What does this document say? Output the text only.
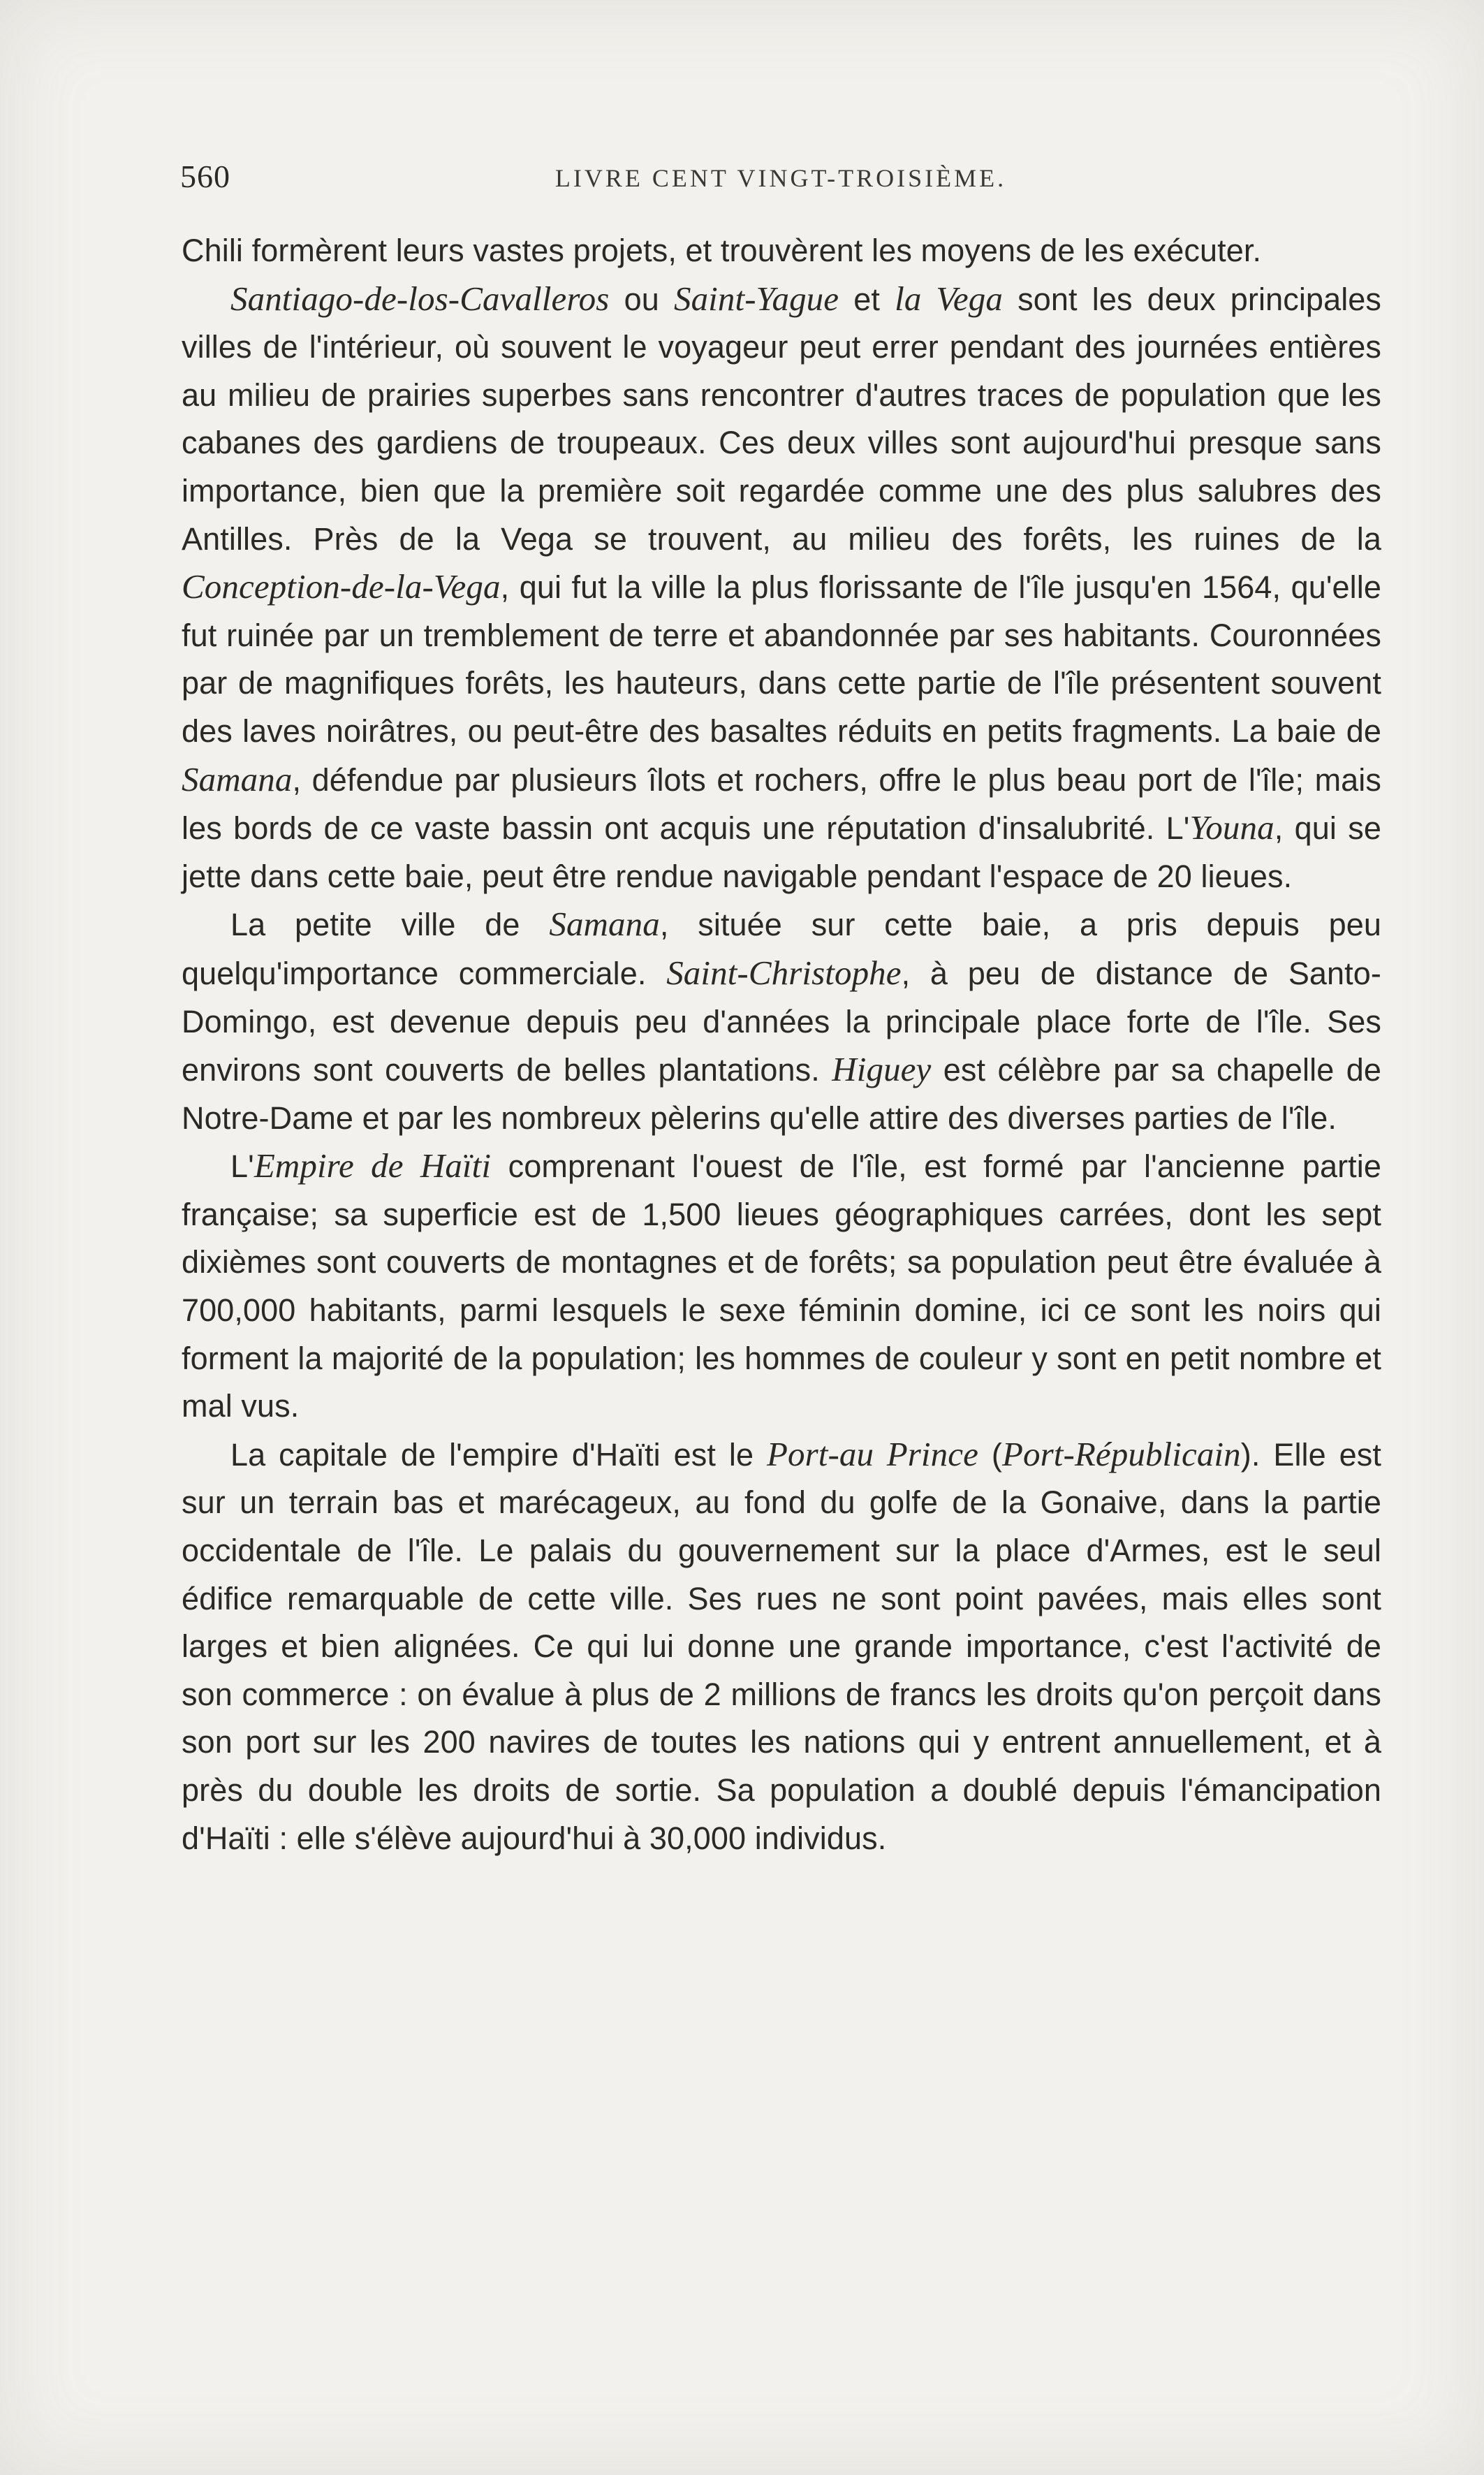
560	LIVRE CENT VINGT-TROISIÈME.

Chili formèrent leurs vastes projets, et trouvèrent les moyens de les exécuter.

Santiago-de-los-Cavalleros ou Saint-Yague et la Vega sont les deux principales villes de l'intérieur, où souvent le voyageur peut errer pendant des journées entières au milieu de prairies superbes sans rencontrer d'autres traces de population que les cabanes des gardiens de troupeaux. Ces deux villes sont aujourd'hui presque sans importance, bien que la première soit regardée comme une des plus salubres des Antilles. Près de la Vega se trouvent, au milieu des forêts, les ruines de la Conception-de-la-Vega, qui fut la ville la plus florissante de l'île jusqu'en 1564, qu'elle fut ruinée par un tremblement de terre et abandonnée par ses habitants. Couronnées par de magnifiques forêts, les hauteurs, dans cette partie de l'île présentent souvent des laves noirâtres, ou peut-être des basaltes réduits en petits fragments. La baie de Samana, défendue par plusieurs îlots et rochers, offre le plus beau port de l'île; mais les bords de ce vaste bassin ont acquis une réputation d'insalubrité. L'Youna, qui se jette dans cette baie, peut être rendue navigable pendant l'espace de 20 lieues.

La petite ville de Samana, située sur cette baie, a pris depuis peu quelqu'importance commerciale. Saint-Christophe, à peu de distance de Santo-Domingo, est devenue depuis peu d'années la principale place forte de l'île. Ses environs sont couverts de belles plantations. Higuey est célèbre par sa chapelle de Notre-Dame et par les nombreux pèlerins qu'elle attire des diverses parties de l'île.

L'Empire de Haïti comprenant l'ouest de l'île, est formé par l'ancienne partie française; sa superficie est de 1,500 lieues géographiques carrées, dont les sept dixièmes sont couverts de montagnes et de forêts; sa population peut être évaluée à 700,000 habitants, parmi lesquels le sexe féminin domine, ici ce sont les noirs qui forment la majorité de la population; les hommes de couleur y sont en petit nombre et mal vus.

La capitale de l'empire d'Haïti est le Port-au Prince (Port-Républicain). Elle est sur un terrain bas et marécageux, au fond du golfe de la Gonaive, dans la partie occidentale de l'île. Le palais du gouvernement sur la place d'Armes, est le seul édifice remarquable de cette ville. Ses rues ne sont point pavées, mais elles sont larges et bien alignées. Ce qui lui donne une grande importance, c'est l'activité de son commerce : on évalue à plus de 2 millions de francs les droits qu'on perçoit dans son port sur les 200 navires de toutes les nations qui y entrent annuellement, et à près du double les droits de sortie. Sa population a doublé depuis l'émancipation d'Haïti : elle s'élève aujourd'hui à 30,000 individus.
